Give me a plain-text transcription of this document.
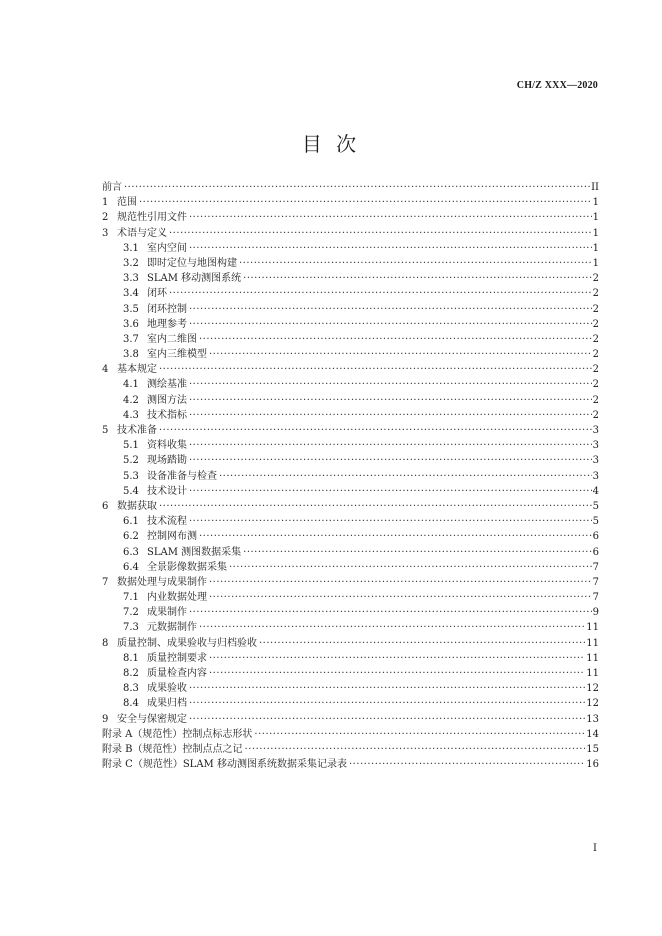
CH/Z XXX—2020
目 次
前言 ·····	II
1 范围 ·····	1
2 规范性引用文件 ·····	1
3 术语与定义 ·····	1
3.1 室内空间 ·····	1
3.2 即时定位与地图构建 ·····	1
3.3 SLAM 移动测图系统 ·····	2
3.4 闭环 ·····	2
3.5 闭环控制 ·····	2
3.6 地理参考 ·····	2
3.7 室内二维图 ·····	2
3.8 室内三维模型 ·····	2
4 基本规定 ·····	2
4.1 测绘基准 ·····	2
4.2 测图方法 ·····	2
4.3 技术指标 ·····	2
5 技术准备 ·····	3
5.1 资料收集 ·····	3
5.2 现场踏勘 ·····	3
5.3 设备准备与检查 ·····	3
5.4 技术设计 ·····	4
6 数据获取 ·····	5
6.1 技术流程 ·····	5
6.2 控制网布测 ·····	6
6.3 SLAM 测图数据采集 ·····	6
6.4 全景影像数据采集 ·····	7
7 数据处理与成果制作 ·····	7
7.1 内业数据处理 ·····	7
7.2 成果制作 ·····	9
7.3 元数据制作 ·····	11
8 质量控制、成果验收与归档验收 ·····	11
8.1 质量控制要求 ·····	11
8.2 质量检查内容 ·····	11
8.3 成果验收 ·····	12
8.4 成果归档 ·····	12
9 安全与保密规定 ·····	13
附录 A（规范性）控制点标志形状 ·····	14
附录 B（规范性）控制点点之记 ·····	15
附录 C（规范性）SLAM 移动测图系统数据采集记录表 ·····	16
I
